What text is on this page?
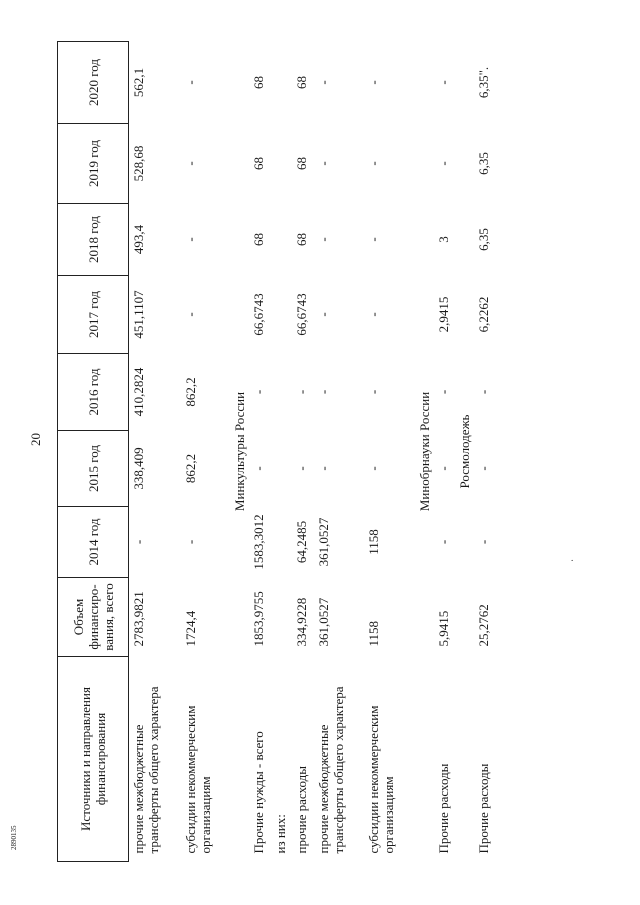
20
2890135
.
Источники и направления финансирования	Объем финансиро-вания, всего	2014 год	2015 год	2016 год	2017 год	2018 год	2019 год	2020 год
прочие межбюджетные трансферты общего характера	2783,9821	-	338,409	410,2824	451,1107	493,4	528,68	562,1
субсидии некоммерческим организациям	1724,4	-	862,2	862,2	-	-	-	-
Минкультуры России								
Прочие нужды - всего	1853,9755	1583,3012	-	-	66,6743	68	68	68
из них:								
прочие расходы	334,9228	64,2485	-	-	66,6743	68	68	68
прочие межбюджетные трансферты общего характера	361,0527	361,0527	-	-	-	-	-	-
субсидии некоммерческим организациям	1158	1158	-	-	-	-	-	-
Минобрнауки России								
Прочие расходы	5,9415	-	-	-	2,9415	3	-	-
Росмолодежь								
Прочие расходы	25,2762	-	-	-	6,2262	6,35	6,35	6,35".
